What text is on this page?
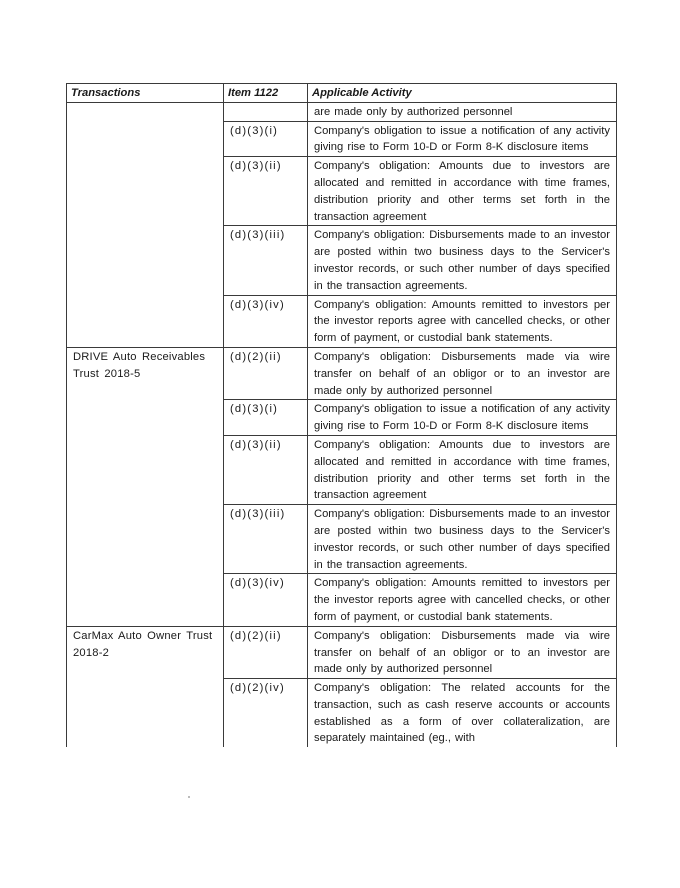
Transactions	Item 1122	Applicable Activity
		are made only by authorized personnel
	(d)(3)(i)	Company's obligation to issue a notification of any activity giving rise to Form 10-D or Form 8-K disclosure items
	(d)(3)(ii)	Company's obligation: Amounts due to investors are allocated and remitted in accordance with time frames, distribution priority and other terms set forth in the transaction agreement
	(d)(3)(iii)	Company's obligation: Disbursements made to an investor are posted within two business days to the Servicer's investor records, or such other number of days specified in the transaction agreements.
	(d)(3)(iv)	Company's obligation: Amounts remitted to investors per the investor reports agree with cancelled checks, or other form of payment, or custodial bank statements.
DRIVE Auto Receivables Trust 2018-5	(d)(2)(ii)	Company's obligation: Disbursements made via wire transfer on behalf of an obligor or to an investor are made only by authorized personnel
	(d)(3)(i)	Company's obligation to issue a notification of any activity giving rise to Form 10-D or Form 8-K disclosure items
	(d)(3)(ii)	Company's obligation: Amounts due to investors are allocated and remitted in accordance with time frames, distribution priority and other terms set forth in the transaction agreement
	(d)(3)(iii)	Company's obligation: Disbursements made to an investor are posted within two business days to the Servicer's investor records, or such other number of days specified in the transaction agreements.
	(d)(3)(iv)	Company's obligation: Amounts remitted to investors per the investor reports agree with cancelled checks, or other form of payment, or custodial bank statements.
CarMax Auto Owner Trust 2018-2	(d)(2)(ii)	Company's obligation: Disbursements made via wire transfer on behalf of an obligor or to an investor are made only by authorized personnel
	(d)(2)(iv)	Company's obligation: The related accounts for the transaction, such as cash reserve accounts or accounts established as a form of over collateralization, are separately maintained (eg., with
